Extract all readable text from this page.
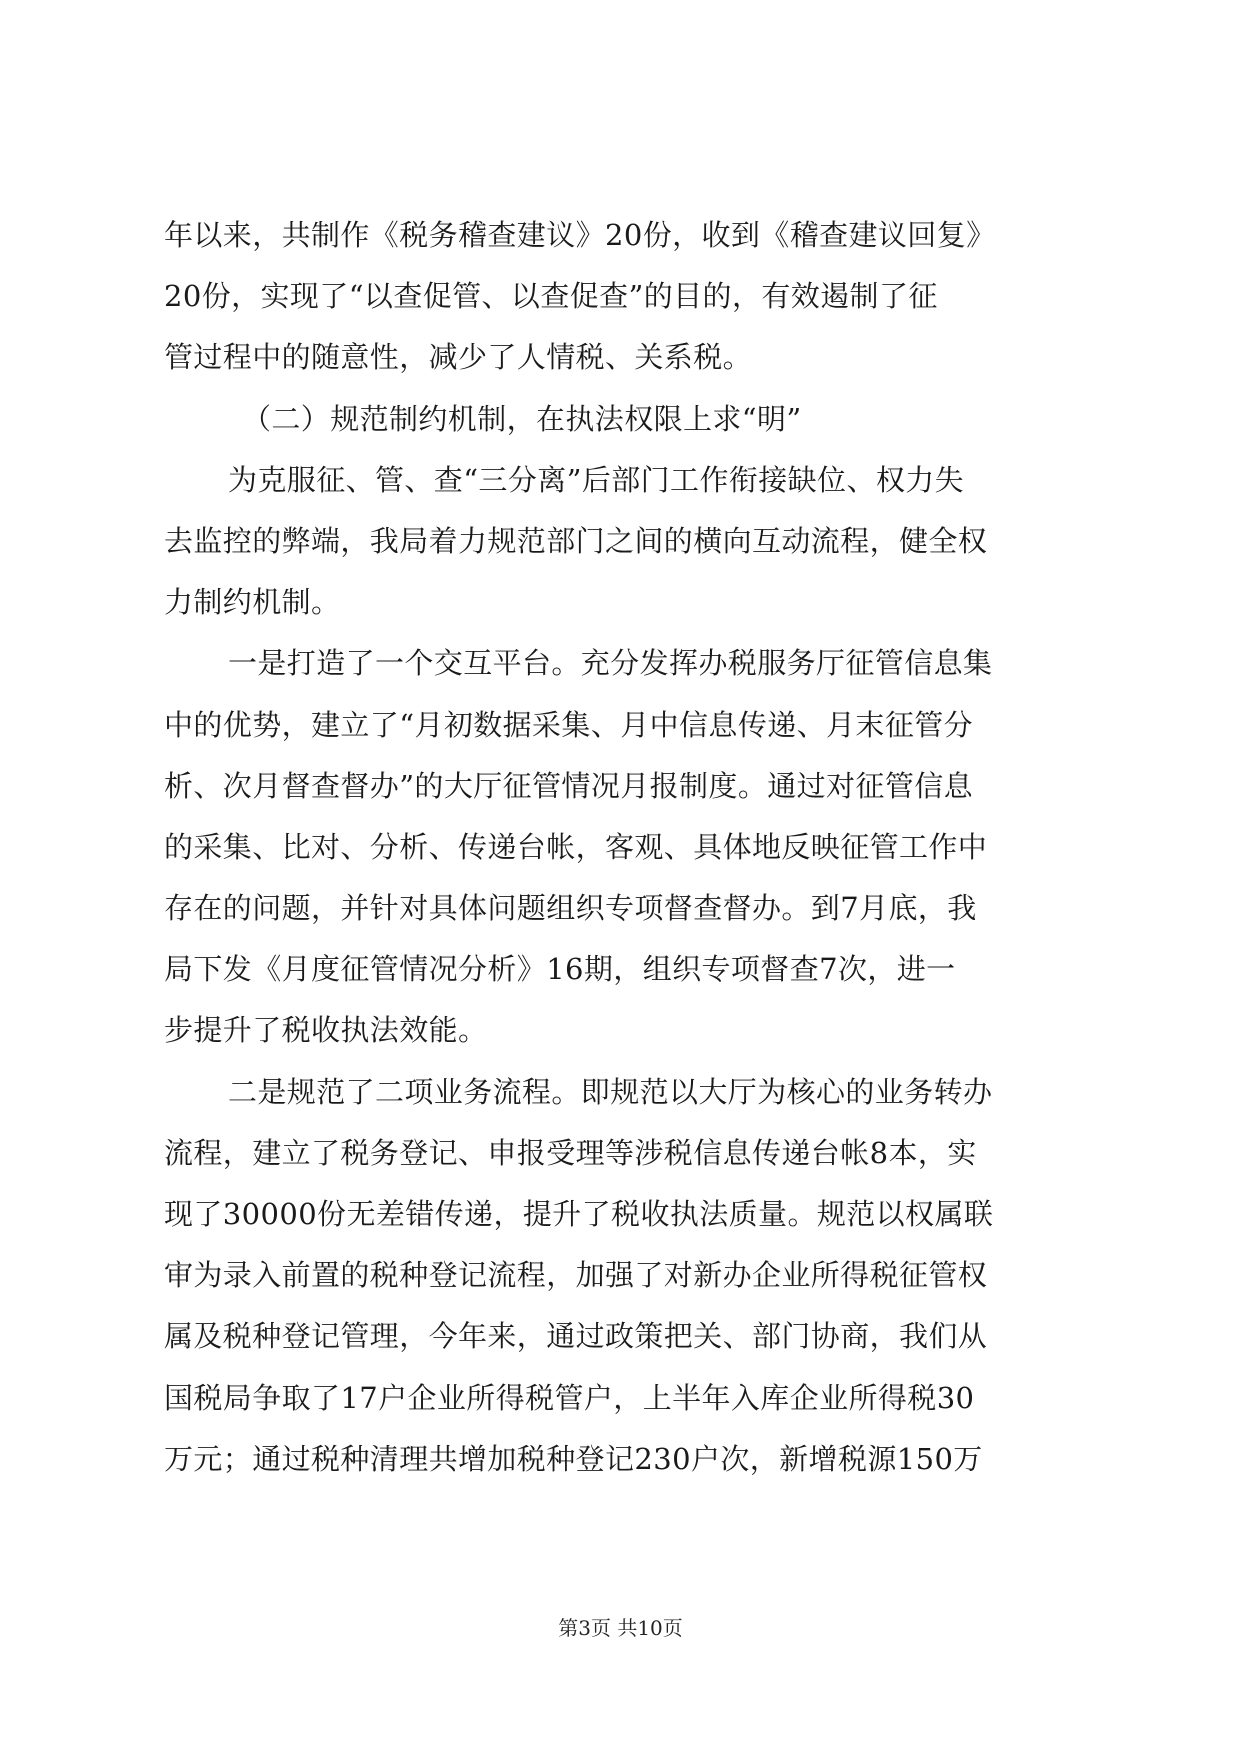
年以来，共制作《税务稽查建议》20份，收到《稽查建议回复》
20份，实现了“以查促管、以查促查”的目的，有效遏制了征
管过程中的随意性，减少了人情税、关系税。
（二）规范制约机制，在执法权限上求“明”
为克服征、管、查“三分离”后部门工作衔接缺位、权力失
去监控的弊端，我局着力规范部门之间的横向互动流程，健全权
力制约机制。
一是打造了一个交互平台。充分发挥办税服务厅征管信息集
中的优势，建立了“月初数据采集、月中信息传递、月末征管分
析、次月督查督办”的大厅征管情况月报制度。通过对征管信息
的采集、比对、分析、传递台帐，客观、具体地反映征管工作中
存在的问题，并针对具体问题组织专项督查督办。到7月底，我
局下发《月度征管情况分析》16期，组织专项督查7次，进一
步提升了税收执法效能。
二是规范了二项业务流程。即规范以大厅为核心的业务转办
流程，建立了税务登记、申报受理等涉税信息传递台帐8本，实
现了30000份无差错传递，提升了税收执法质量。规范以权属联
审为录入前置的税种登记流程，加强了对新办企业所得税征管权
属及税种登记管理，今年来，通过政策把关、部门协商，我们从
国税局争取了17户企业所得税管户，上半年入库企业所得税30
万元；通过税种清理共增加税种登记230户次，新增税源150万
第3页 共10页
